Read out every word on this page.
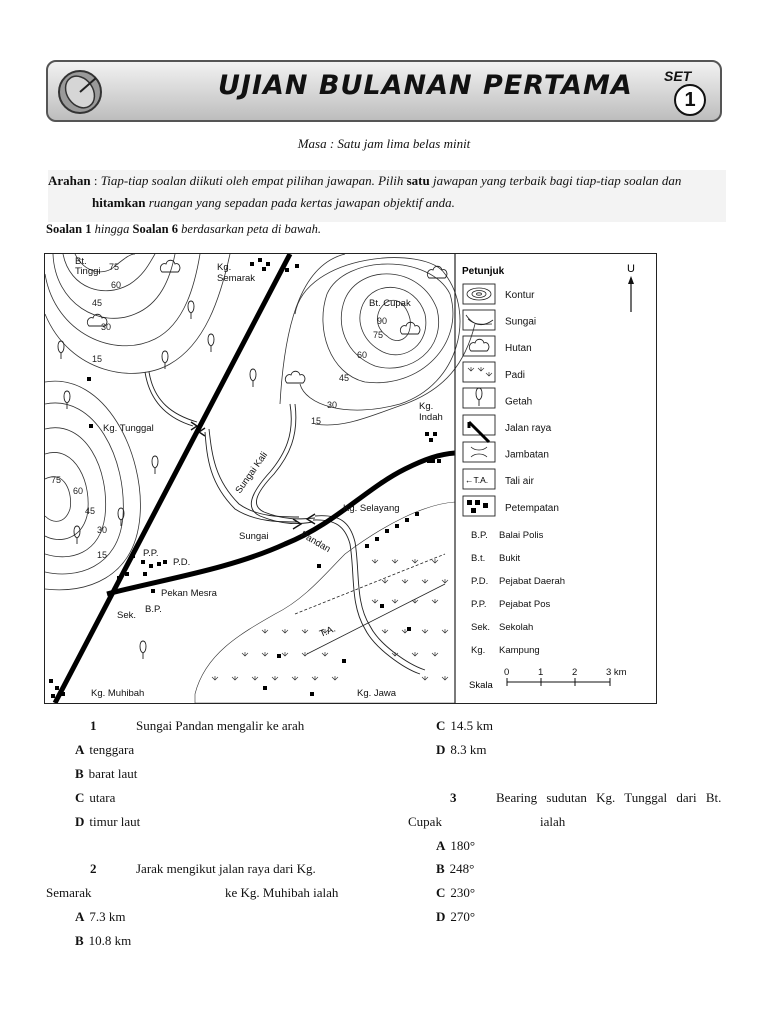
UJIAN BULANAN PERTAMA SET
1
Masa : Satu jam lima belas minit
Arahan : Tiap-tiap soalan diikuti oleh empat pilihan jawapan. Pilih satu jawapan yang terbaik bagi tiap-tiap soalan dan
hitamkan ruangan yang sepadan pada kertas jawapan objektif anda.
Soalan 1 hingga Soalan 6 berdasarkan peta di bawah.
75
60
45
30
15
90
75
60
45
30
15
75
60
45
30
15
Bt.
Tinggi	Kg.
Semarak
Bt. Cupak
Kg.
Indah
Kg. Tunggal
Sungai Kali
Kg. Selayang
Sungai	Pandan
P.P.
P.D.
Pekan Mesra
Sek.
B.P.
T.A.
Kg. Muhibah	Kg. Jawa
Petunjuk	U
←T.A.
Kontur
Sungai
Hutan
Padi
Getah
Jalan raya
Jambatan
Tali air
Petempatan
B.P. Balai Polis
B.t. Bukit
P.D. Pejabat Daerah
P.P. Pejabat Pos
Sek. Sekolah
Kg. Kampung
Skala
0	1	2	3 km
1	Sungai Pandan mengalir ke arah
A tenggara
B barat laut
C utara
D timur laut
2	Jarak mengikut jalan raya dari Kg.
Semarak	ke Kg. Muhibah ialah
A 7.3 km
B 10.8 km
C 14.5 km
D 8.3 km
3	Bearing sudutan Kg. Tunggal dari Bt.
Cupak	ialah
A 180°
B 248°
C 230°
D 270°
